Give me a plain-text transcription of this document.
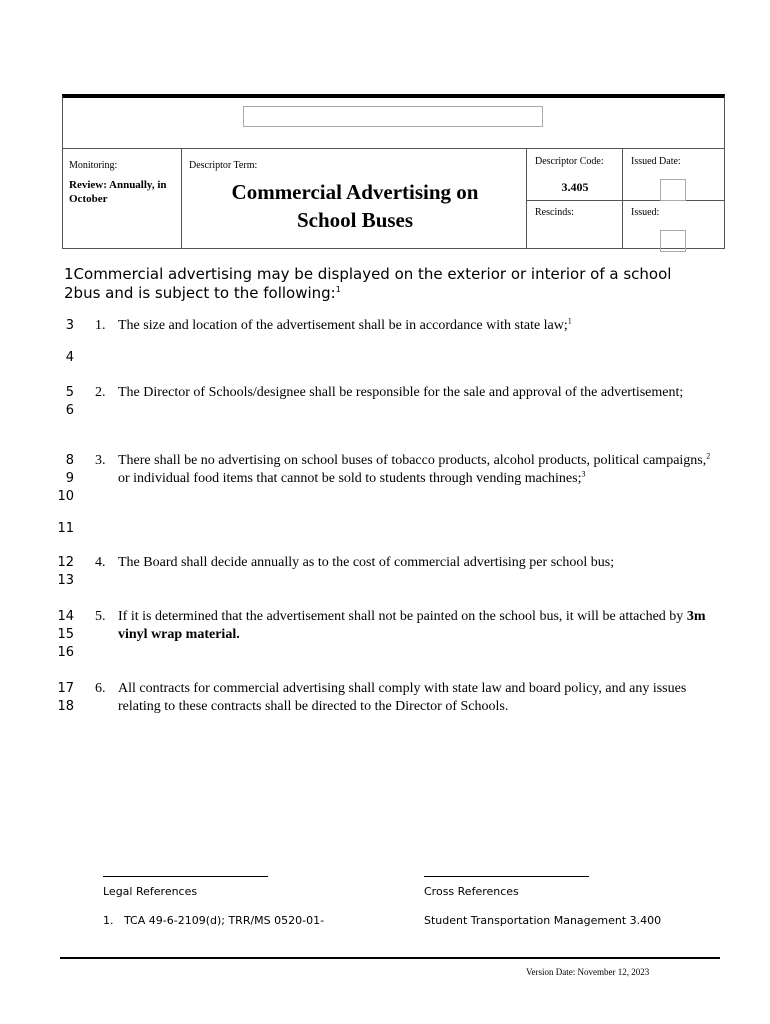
Monitoring:
Review: Annually, in October
Descriptor Term:
Commercial Advertising on
School Buses
Descriptor Code:
3.405
Issued Date:
Rescinds:	Issued:
1Commercial advertising may be displayed on the exterior or interior of a school
2bus and is subject to the following:$^1$
3
4
5
6
8
9
10
11
12
13
14
15
16
17
18
1. The size and location of the advertisement shall be in accordance with state law;$^1$
2. The Director of Schools/designee shall be responsible for the sale and approval of the advertisement;
3. There shall be no advertising on school buses of tobacco products, alcohol products, political campaigns,$^2$ or individual food items that cannot be sold to students through vending machines;$^3$
4. The Board shall decide annually as to the cost of commercial advertising per school bus;
5. If it is determined that the advertisement shall not be painted on the school bus, it will be attached by 3m vinyl wrap material.
6. All contracts for commercial advertising shall comply with state law and board policy, and any issues relating to these contracts shall be directed to the Director of Schools.
Legal References
1.   TCA 49-6-2109(d); TRR/MS 0520-01-
Cross References
Student Transportation Management 3.400
Version Date: November 12, 2023
